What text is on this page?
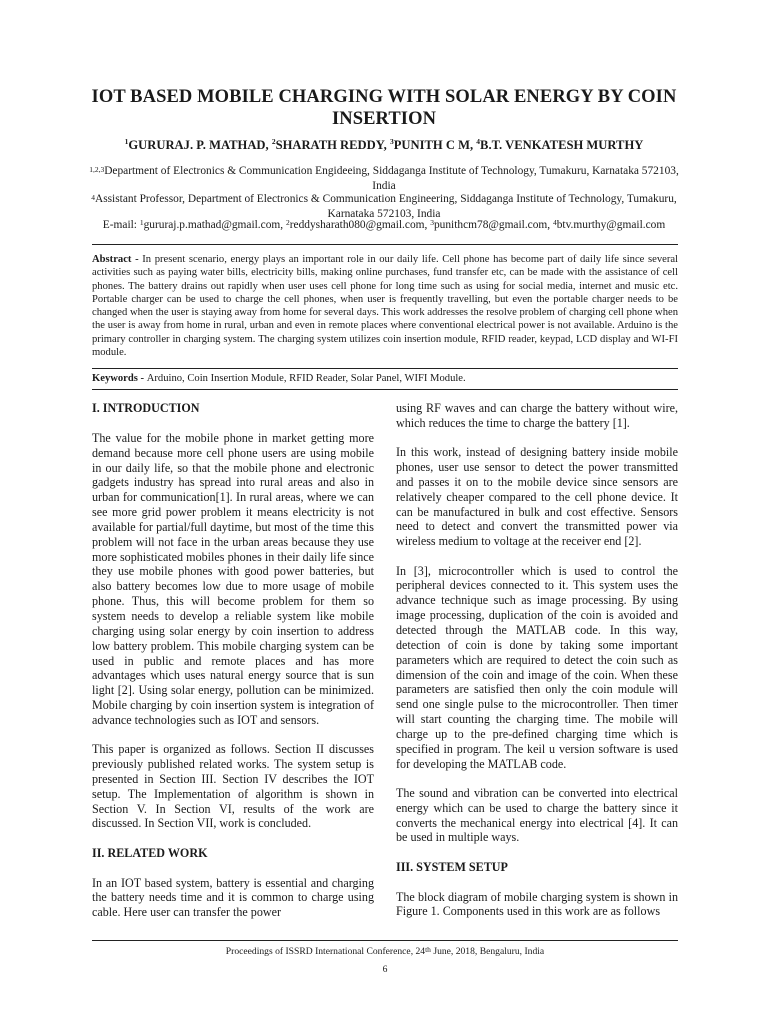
IOT BASED MOBILE CHARGING WITH SOLAR ENERGY BY COIN INSERTION
$^1$GURURAJ. P. MATHAD, $^2$SHARATH REDDY, $^3$PUNITH C M, $^4$B.T. VENKATESH MURTHY
$^{1,2,3}$Department of Electronics & Communication Engideeing, Siddaganga Institute of Technology, Tumakuru, Karnataka 572103, India
$^4$Assistant Professor, Department of Electronics & Communication Engineering, Siddaganga Institute of Technology, Tumakuru, Karnataka 572103, India
E-mail: $^1$gururaj.p.mathad@gmail.com, $^2$reddysharath080@gmail.com, $^3$punithcm78@gmail.com, $^4$btv.murthy@gmail.com
Abstract - In present scenario, energy plays an important role in our daily life. Cell phone has become part of daily life since several activities such as paying water bills, electricity bills, making online purchases, fund transfer etc, can be made with the assistance of cell phones. The battery drains out rapidly when user uses cell phone for long time such as using for social media, internet and music etc. Portable charger can be used to charge the cell phones, when user is frequently travelling, but even the portable charger needs to be changed when the user is staying away from home for several days. This work addresses the resolve problem of charging cell phone when the user is away from home in rural, urban and even in remote places where conventional electrical power is not available. Arduino is the primary controller in charging system. The charging system utilizes coin insertion module, RFID reader, keypad, LCD display and WI-FI module.
Keywords - Arduino, Coin Insertion Module, RFID Reader, Solar Panel, WIFI Module.
I. INTRODUCTION

The value for the mobile phone in market getting more demand because more cell phone users are using mobile in our daily life, so that the mobile phone and electronic gadgets industry has spread into rural areas and also in urban for communication[1]. In rural areas, where we can see more grid power problem it means electricity is not available for partial/full daytime, but most of the time this problem will not face in the urban areas because they use more sophisticated mobiles phones in their daily life since they use mobile phones with good power batteries, but also battery becomes low due to more usage of mobile phone. Thus, this will become problem for them so system needs to develop a reliable system like mobile charging using solar energy by coin insertion to address low battery problem. This mobile charging system can be used in public and remote places and has more advantages which uses natural energy source that is sun light [2]. Using solar energy, pollution can be minimized. Mobile charging by coin insertion system is integration of advance technologies such as IOT and sensors.

This paper is organized as follows. Section II discusses previously published related works. The system setup is presented in Section III. Section IV describes the IOT setup. The Implementation of algorithm is shown in Section V. In Section VI, results of the work are discussed. In Section VII, work is concluded.

II. RELATED WORK

In an IOT based system, battery is essential and charging the battery needs time and it is common to charge using cable. Here user can transfer the power

using RF waves and can charge the battery without wire, which reduces the time to charge the battery [1].

In this work, instead of designing battery inside mobile phones, user use sensor to detect the power transmitted and passes it on to the mobile device since sensors are relatively cheaper compared to the cell phone device. It can be manufactured in bulk and cost effective. Sensors need to detect and convert the transmitted power via wireless medium to voltage at the receiver end [2].

In [3], microcontroller which is used to control the peripheral devices connected to it. This system uses the advance technique such as image processing. By using image processing, duplication of the coin is avoided and detected through the MATLAB code. In this way, detection of coin is done by taking some important parameters which are required to detect the coin such as dimension of the coin and image of the coin. When these parameters are satisfied then only the coin module will send one single pulse to the microcontroller. Then timer will start counting the charging time. The mobile will charge up to the pre-defined charging time which is specified in program. The keil u version software is used for developing the MATLAB code.

The sound and vibration can be converted into electrical energy which can be used to charge the battery since it converts the mechanical energy into electrical [4]. It can be used in multiple ways.

III. SYSTEM SETUP

The block diagram of mobile charging system is shown in Figure 1. Components used in this work are as follows

Proceedings of ISSRD International Conference, 24th June, 2018, Bengaluru, India
6
